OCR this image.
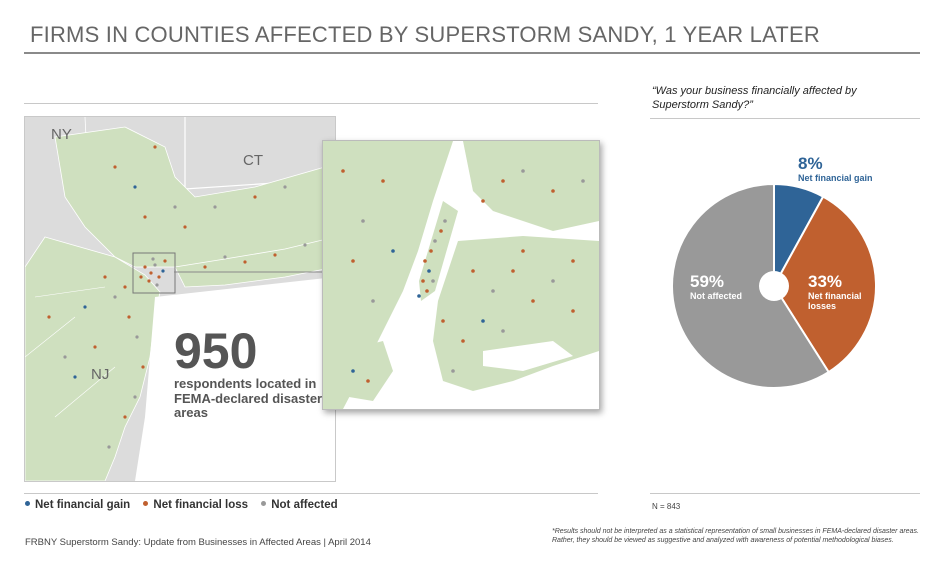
FIRMS IN COUNTIES AFFECTED BY SUPERSTORM SANDY, 1 YEAR LATER
NY
CT
NJ 950
respondents located in FEMA-declared disaster areas
Net financial gain Net financial loss Not affected
FRBNY Superstorm Sandy: Update from Businesses in Affected Areas | April 2014
*Results should not be interpreted as a statistical representation of small businesses in FEMA-declared disaster areas. Rather, they should be viewed as suggestive and analyzed with awareness of potential methodological biases.
“Was your business financially affected by Superstorm Sandy?”
8%
Net financial gain
33%
Net financial losses
59%
Not affected
N = 843
